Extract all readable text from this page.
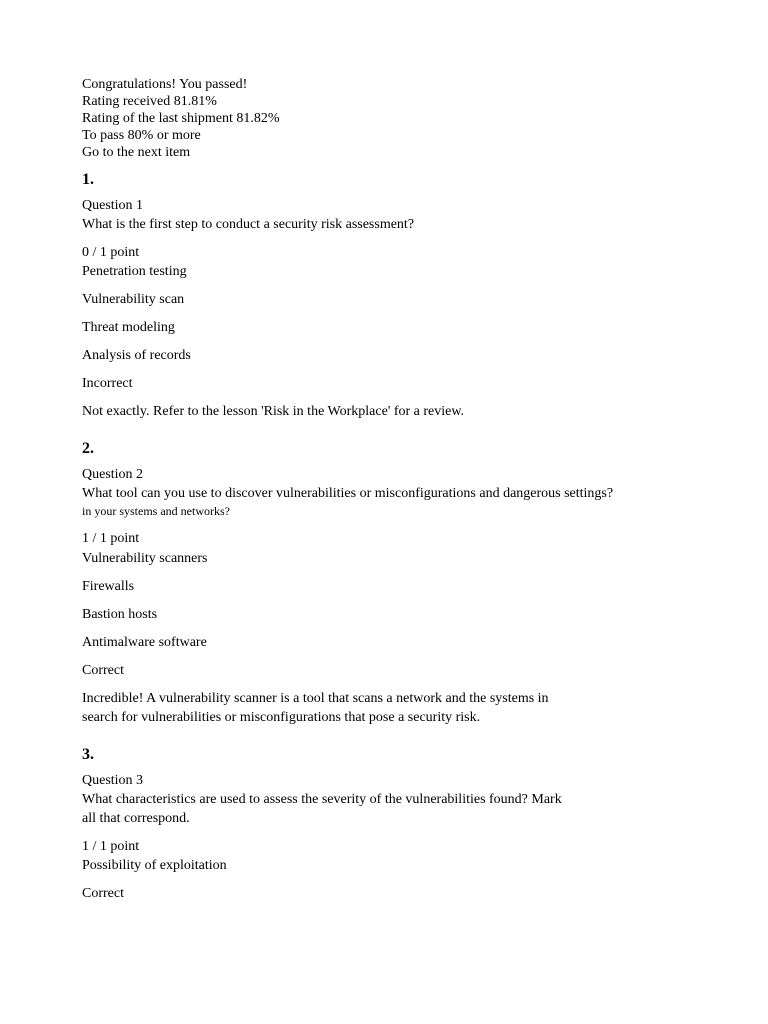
Congratulations! You passed!
Rating received 81.81%
Rating of the last shipment 81.82%
To pass 80% or more
Go to the next item
1.
Question 1
What is the first step to conduct a security risk assessment?
0 / 1 point
Penetration testing
Vulnerability scan
Threat modeling
Analysis of records
Incorrect
Not exactly. Refer to the lesson 'Risk in the Workplace' for a review.
2.
Question 2
What tool can you use to discover vulnerabilities or misconfigurations and dangerous settings?
in your systems and networks?
1 / 1 point
Vulnerability scanners
Firewalls
Bastion hosts
Antimalware software
Correct
Incredible! A vulnerability scanner is a tool that scans a network and the systems in
search for vulnerabilities or misconfigurations that pose a security risk.
3.
Question 3
What characteristics are used to assess the severity of the vulnerabilities found? Mark
all that correspond.
1 / 1 point
Possibility of exploitation
Correct
